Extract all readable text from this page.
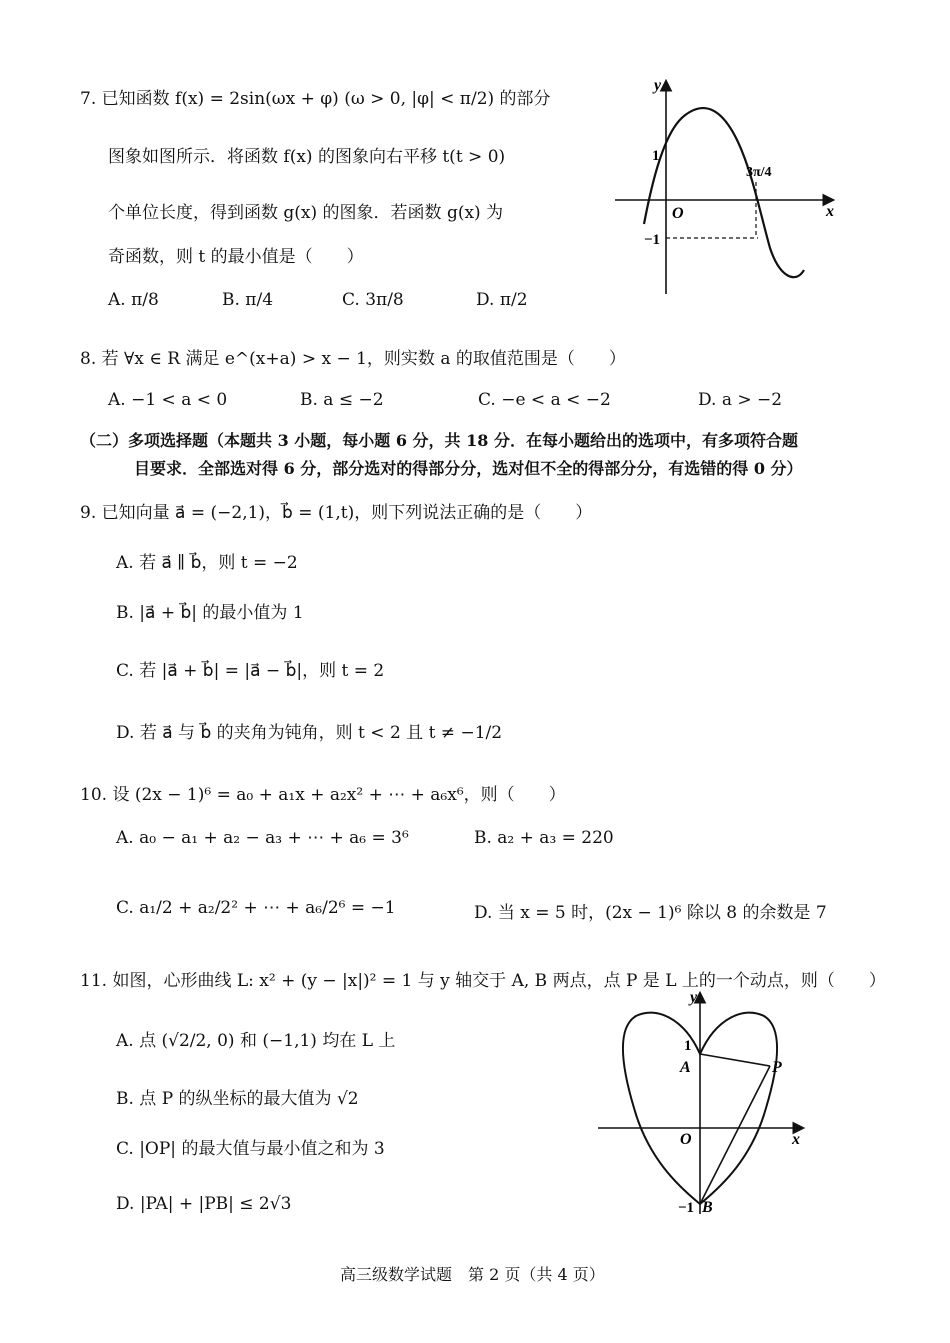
7. 已知函数 f(x) = 2sin(ωx + φ) (ω > 0, |φ| < π/2) 的部分
图象如图所示．将函数 f(x) 的图象向右平移 t(t > 0)
个单位长度，得到函数 g(x) 的图象．若函数 g(x) 为
奇函数，则 t 的最小值是（　　）
A. π/8	B. π/4	C. 3π/8	D. π/2
y
x
O
1
−1
3π/4
8. 若 ∀x ∈ R 满足 e^(x+a) > x − 1，则实数 a 的取值范围是（　　）
A. −1 < a < 0	B. a ≤ −2	C. −e < a < −2	D. a > −2
（二）多项选择题（本题共 3 小题，每小题 6 分，共 18 分．在每小题给出的选项中，有多项符合题
目要求．全部选对得 6 分，部分选对的得部分分，选对但不全的得部分分，有选错的得 0 分）
9. 已知向量 a⃗ = (−2,1)，b⃗ = (1,t)，则下列说法正确的是（　　）
A. 若 a⃗ ∥ b⃗，则 t = −2
B. |a⃗ + b⃗| 的最小值为 1
C. 若 |a⃗ + b⃗| = |a⃗ − b⃗|，则 t = 2
D. 若 a⃗ 与 b⃗ 的夹角为钝角，则 t < 2 且 t ≠ −1/2
10. 设 (2x − 1)⁶ = a₀ + a₁x + a₂x² + ⋯ + a₆x⁶，则（　　）
A. a₀ − a₁ + a₂ − a₃ + ⋯ + a₆ = 3⁶	B. a₂ + a₃ = 220
C. a₁/2 + a₂/2² + ⋯ + a₆/2⁶ = −1	D. 当 x = 5 时，(2x − 1)⁶ 除以 8 的余数是 7
11. 如图，心形曲线 L: x² + (y − |x|)² = 1 与 y 轴交于 A, B 两点，点 P 是 L 上的一个动点，则（　　）
A. 点 (√2/2, 0) 和 (−1,1) 均在 L 上
B. 点 P 的纵坐标的最大值为 √2
C. |OP| 的最大值与最小值之和为 3
D. |PA| + |PB| ≤ 2√3
y
x
O
1
A	P
−1 B
高三级数学试题　第 2 页（共 4 页）
